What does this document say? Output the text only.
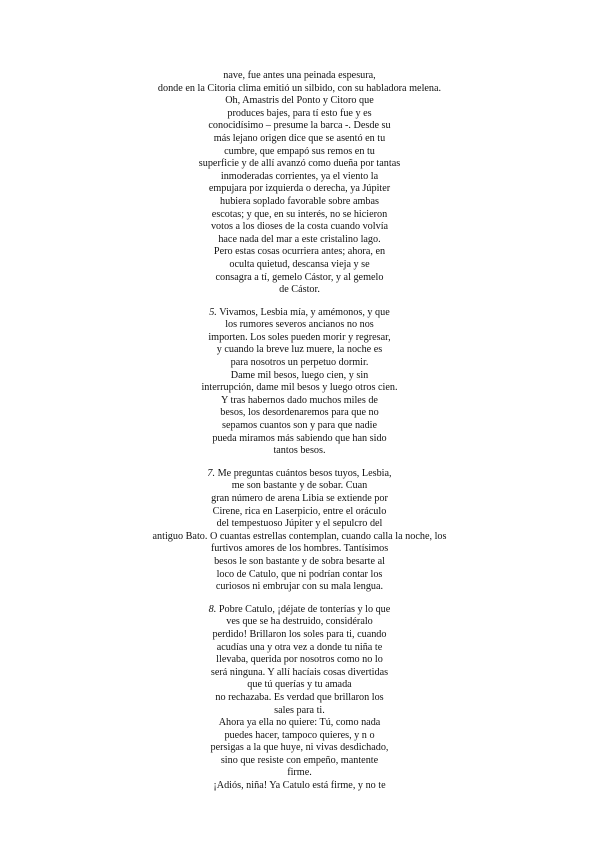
nave, fue antes una peinada espesura,
donde en la Citoria clima emitió un silbido, con su habladora melena.
Oh, Amastris del Ponto y Citoro que
produces bajes, para tí esto fue y es
conocidísimo – presume la barca -. Desde su
más lejano origen dice que se asentó en tu
cumbre, que empapó sus remos en tu
superficie y de allí avanzó como dueña por tantas
inmoderadas corrientes, ya el viento la
empujara por izquierda o derecha, ya Júpiter
hubiera soplado favorable sobre ambas
escotas; y que, en su interés, no se hicieron
votos a los dioses de la costa cuando volvía
hace nada del mar a este cristalino lago.
Pero estas cosas ocurriera antes; ahora, en
oculta quietud, descansa vieja y se
consagra a tí, gemelo Cástor, y al gemelo
de Cástor.
5. Vivamos, Lesbia mía, y amémonos, y que
los rumores severos ancianos no nos
importen. Los soles pueden morir y regresar,
y cuando la breve luz muere, la noche es
para nosotros un perpetuo dormir.
Dame mil besos, luego cien, y sin
interrupción, dame mil besos y luego otros cien.
Y tras habernos dado muchos miles de
besos, los desordenaremos para que no
sepamos cuantos son y para que nadie
pueda miramos más sabiendo que han sido
tantos besos.
7. Me preguntas cuántos besos tuyos, Lesbia,
me son bastante y de sobar. Cuan
gran número de arena Libia se extiende por
Cirene, rica en Laserpicio, entre el oráculo
del tempestuoso Júpiter y el sepulcro del
antiguo Bato. O cuantas estrellas contemplan, cuando calla la noche, los
furtivos amores de los hombres. Tantísimos
besos le son bastante y de sobra besarte al
loco de Catulo, que ni podrían contar los
curiosos ni embrujar con su mala lengua.
8. Pobre Catulo, ¡déjate de tonterías y lo que
ves que se ha destruido, considéralo
perdido! Brillaron los soles para ti, cuando
acudías una y otra vez a donde tu niña te
llevaba, querida por nosotros como no lo
será ninguna. Y allí hacíais cosas divertidas
que tú querías y tu amada
no rechazaba. Es verdad que brillaron los
sales para ti.
Ahora ya ella no quiere: Tú, como nada
puedes hacer, tampoco quieres, y n o
persigas a la que huye, ni vivas desdichado,
sino que resiste con empeño, mantente
firme.
¡Adiós, niña! Ya Catulo está firme, y no te
